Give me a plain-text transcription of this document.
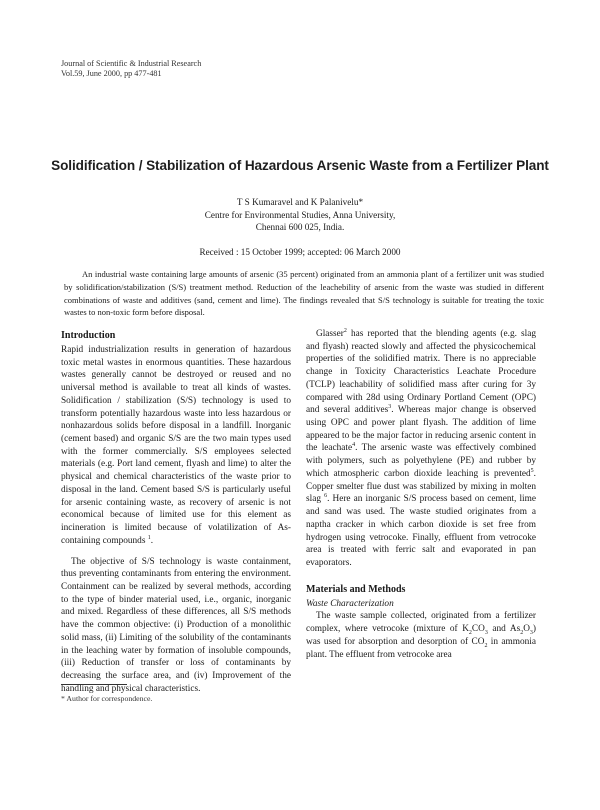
Journal of Scientific & Industrial Research
Vol.59, June 2000, pp 477-481
Solidification / Stabilization of Hazardous Arsenic Waste from a Fertilizer Plant
T S Kumaravel and K Palanivelu*
Centre for Environmental Studies, Anna University,
Chennai 600 025, India.
Received : 15 October 1999; accepted: 06 March 2000

An industrial waste containing large amounts of arsenic (35 percent) originated from an ammonia plant of a fertilizer unit was studied by solidification/stabilization (S/S) treatment method. Reduction of the leachebility of arsenic from the waste was studied in different combinations of waste and additives (sand, cement and lime). The findings revealed that S/S technology is suitable for treating the toxic wastes to non-toxic form before disposal.

Introduction

Rapid industrialization results in generation of hazardous toxic metal wastes in enormous quantities. These hazardous wastes generally cannot be destroyed or reused and no universal method is available to treat all kinds of wastes. Solidification / stabilization (S/S) technology is used to transform potentially hazardous waste into less hazardous or nonhazardous solids before disposal in a landfill. Inorganic (cement based) and organic S/S are the two main types used with the former commercially. S/S employees selected materials (e.g. Port land cement, flyash and lime) to alter the physical and chemical characteristics of the waste prior to disposal in the land. Cement based S/S is particularly useful for arsenic containing waste, as recovery of arsenic is not economical because of limited use for this element as incineration is limited because of volatilization of As-containing compounds $^1$.

The objective of S/S technology is waste containment, thus preventing contaminants from entering the environment. Containment can be realized by several methods, according to the type of binder material used, i.e., organic, inorganic and mixed. Regardless of these differences, all S/S methods have the common objective: (i) Production of a monolithic solid mass, (ii) Limiting of the solubility of the contaminants in the leaching water by formation of insoluble compounds, (iii) Reduction of transfer or loss of contaminants by decreasing the surface area, and (iv) Improvement of the handling and physical characteristics.

Glasser$^2$ has reported that the blending agents (e.g. slag and flyash) reacted slowly and affected the physicochemical properties of the solidified matrix. There is no appreciable change in Toxicity Characteristics Leachate Procedure (TCLP) leachability of solidified mass after curing for 3y compared with 28d using Ordinary Portland Cement (OPC) and several additives$^3$. Whereas major change is observed using OPC and power plant flyash. The addition of lime appeared to be the major factor in reducing arsenic content in the leachate$^4$. The arsenic waste was effectively combined with polymers, such as polyethylene (PE) and rubber by which atmospheric carbon dioxide leaching is prevented$^5$. Copper smelter flue dust was stabilized by mixing in molten slag $^6$. Here an inorganic S/S process based on cement, lime and sand was used. The waste studied originates from a naptha cracker in which carbon dioxide is set free from hydrogen using vetrocoke. Finally, effluent from vetrocoke area is treated with ferric salt and evaporated in pan evaporators.

Materials and Methods
Waste Characterization

The waste sample collected, originated from a fertilizer complex, where vetrocoke (mixture of $K_2CO_3$ and $As_2O_3$) was used for absorption and desorption of $CO_2$ in ammonia plant. The effluent from vetrocoke area

* Author for correspondence.
